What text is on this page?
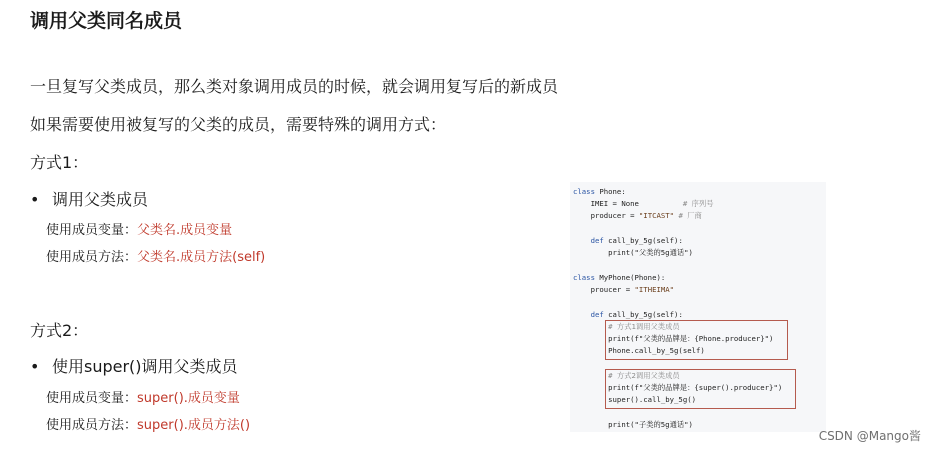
调用父类同名成员
一旦复写父类成员，那么类对象调用成员的时候，就会调用复写后的新成员
如果需要使用被复写的父类的成员，需要特殊的调用方式：
方式1：
• 调用父类成员
使用成员变量：父类名.成员变量
使用成员方法：父类名.成员方法(self)
方式2：
• 使用super()调用父类成员
使用成员变量：super().成员变量
使用成员方法：super().成员方法()
class Phone:
IMEI = None          # 序列号
producer = "ITCAST" # 厂商
def call_by_5g(self):
print("父类的5g通话")
class MyPhone(Phone):
proucer = "ITHEIMA"
def call_by_5g(self):
# 方式1调用父类成员
print(f"父类的品牌是：{Phone.producer}")
Phone.call_by_5g(self)
# 方式2调用父类成员
print(f"父类的品牌是：{super().producer}")
super().call_by_5g()
print("子类的5g通话")
CSDN @Mango酱
